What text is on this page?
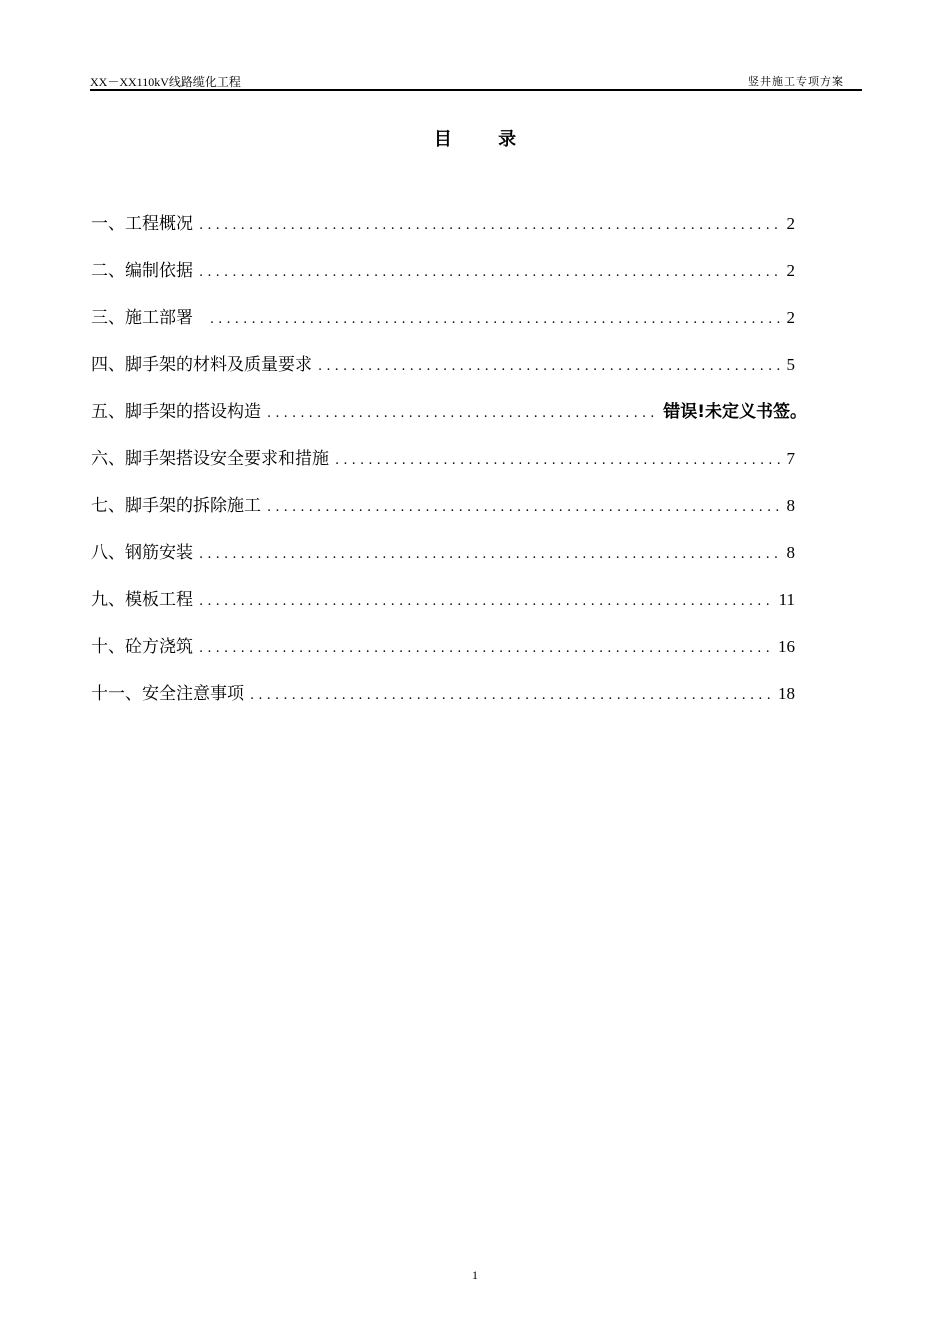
XX－XX110kV线路缆化工程	竖井施工专项方案
目 录
一、工程概况 .....	2
二、编制依据 .....	2
三、施工部署 .....	2
四、脚手架的材料及质量要求 .....	5
五、脚手架的搭设构造 .....	错误!未定义书签。
六、脚手架搭设安全要求和措施 .....	7
七、脚手架的拆除施工 .....	8
八、钢筋安装 .....	8
九、模板工程 .....	11
十、砼方浇筑 .....	16
十一、安全注意事项 .....	18
1
